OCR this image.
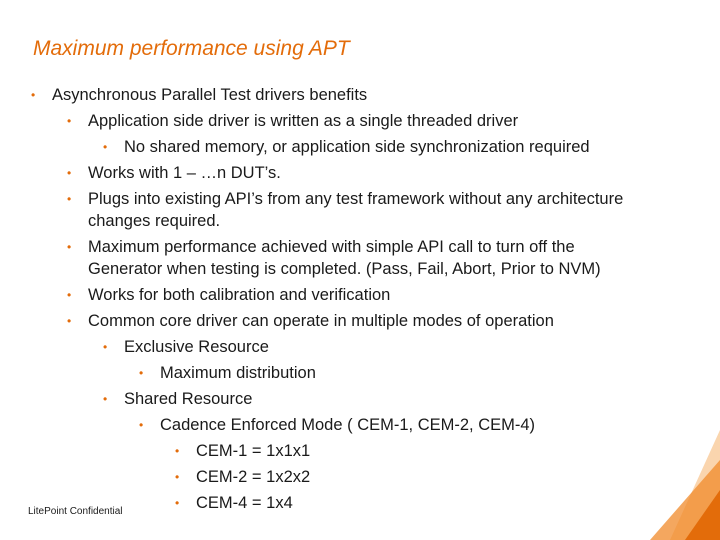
Maximum performance using APT
• Asynchronous Parallel Test drivers benefits
• Application side driver is written as a single threaded driver
• No shared memory, or application side synchronization required
• Works with 1 – …n DUT’s.
• Plugs into existing API’s from any test framework without any architecture
changes required.
• Maximum performance achieved with simple API call to turn off the
Generator when testing is completed. (Pass, Fail, Abort, Prior to NVM)
• Works for both calibration and verification
• Common core driver can operate in multiple modes of operation
• Exclusive Resource
• Maximum distribution
• Shared Resource
• Cadence Enforced Mode ( CEM-1, CEM-2, CEM-4)
• CEM-1 = 1x1x1
• CEM-2 = 1x2x2
• CEM-4 = 1x4
LitePoint Confidential
